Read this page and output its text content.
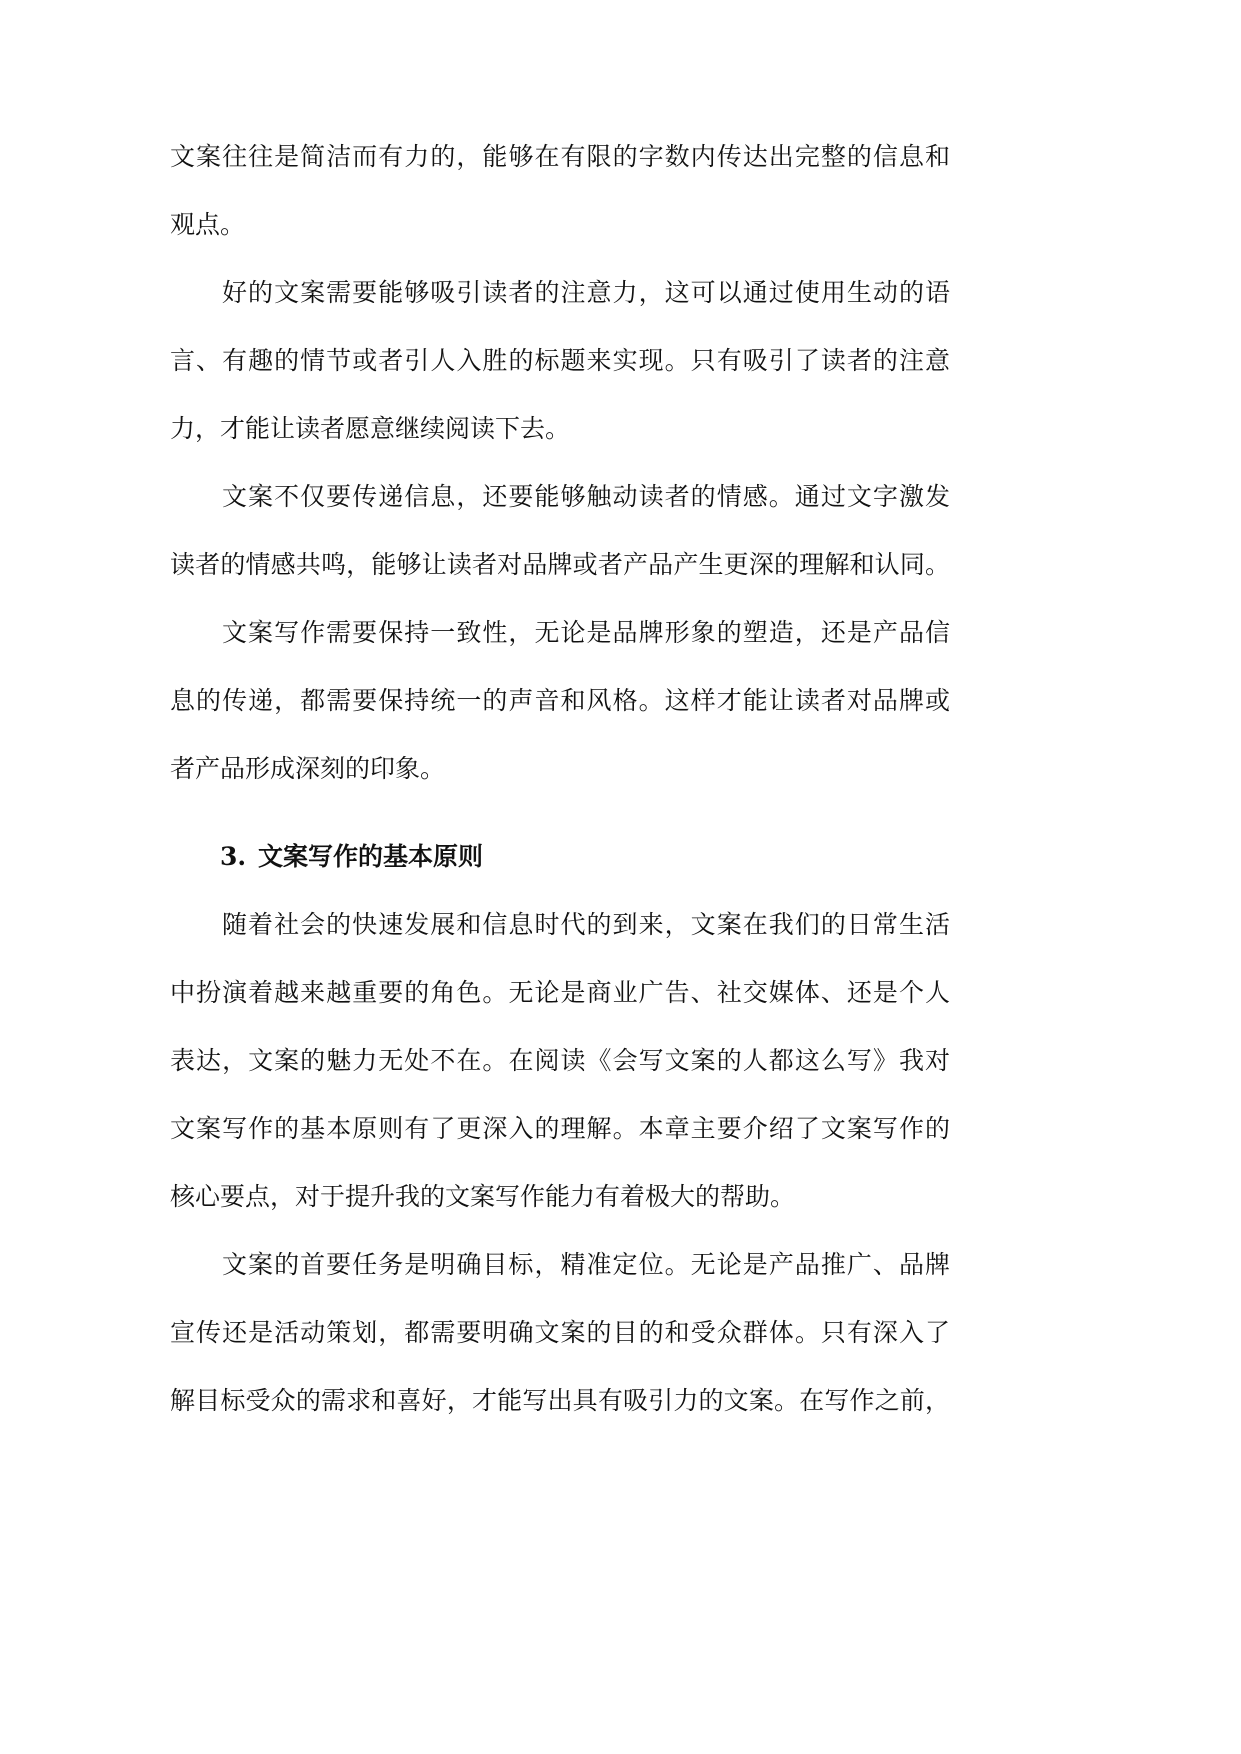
文案往往是简洁而有力的，能够在有限的字数内传达出完整的信息和
观点。
好的文案需要能够吸引读者的注意力，这可以通过使用生动的语
言、有趣的情节或者引人入胜的标题来实现。只有吸引了读者的注意
力，才能让读者愿意继续阅读下去。
文案不仅要传递信息，还要能够触动读者的情感。通过文字激发
读者的情感共鸣，能够让读者对品牌或者产品产生更深的理解和认同。
文案写作需要保持一致性，无论是品牌形象的塑造，还是产品信
息的传递，都需要保持统一的声音和风格。这样才能让读者对品牌或
者产品形成深刻的印象。
3. 文案写作的基本原则
随着社会的快速发展和信息时代的到来，文案在我们的日常生活
中扮演着越来越重要的角色。无论是商业广告、社交媒体、还是个人
表达，文案的魅力无处不在。在阅读《会写文案的人都这么写》我对
文案写作的基本原则有了更深入的理解。本章主要介绍了文案写作的
核心要点，对于提升我的文案写作能力有着极大的帮助。
文案的首要任务是明确目标，精准定位。无论是产品推广、品牌
宣传还是活动策划，都需要明确文案的目的和受众群体。只有深入了
解目标受众的需求和喜好，才能写出具有吸引力的文案。在写作之前，
